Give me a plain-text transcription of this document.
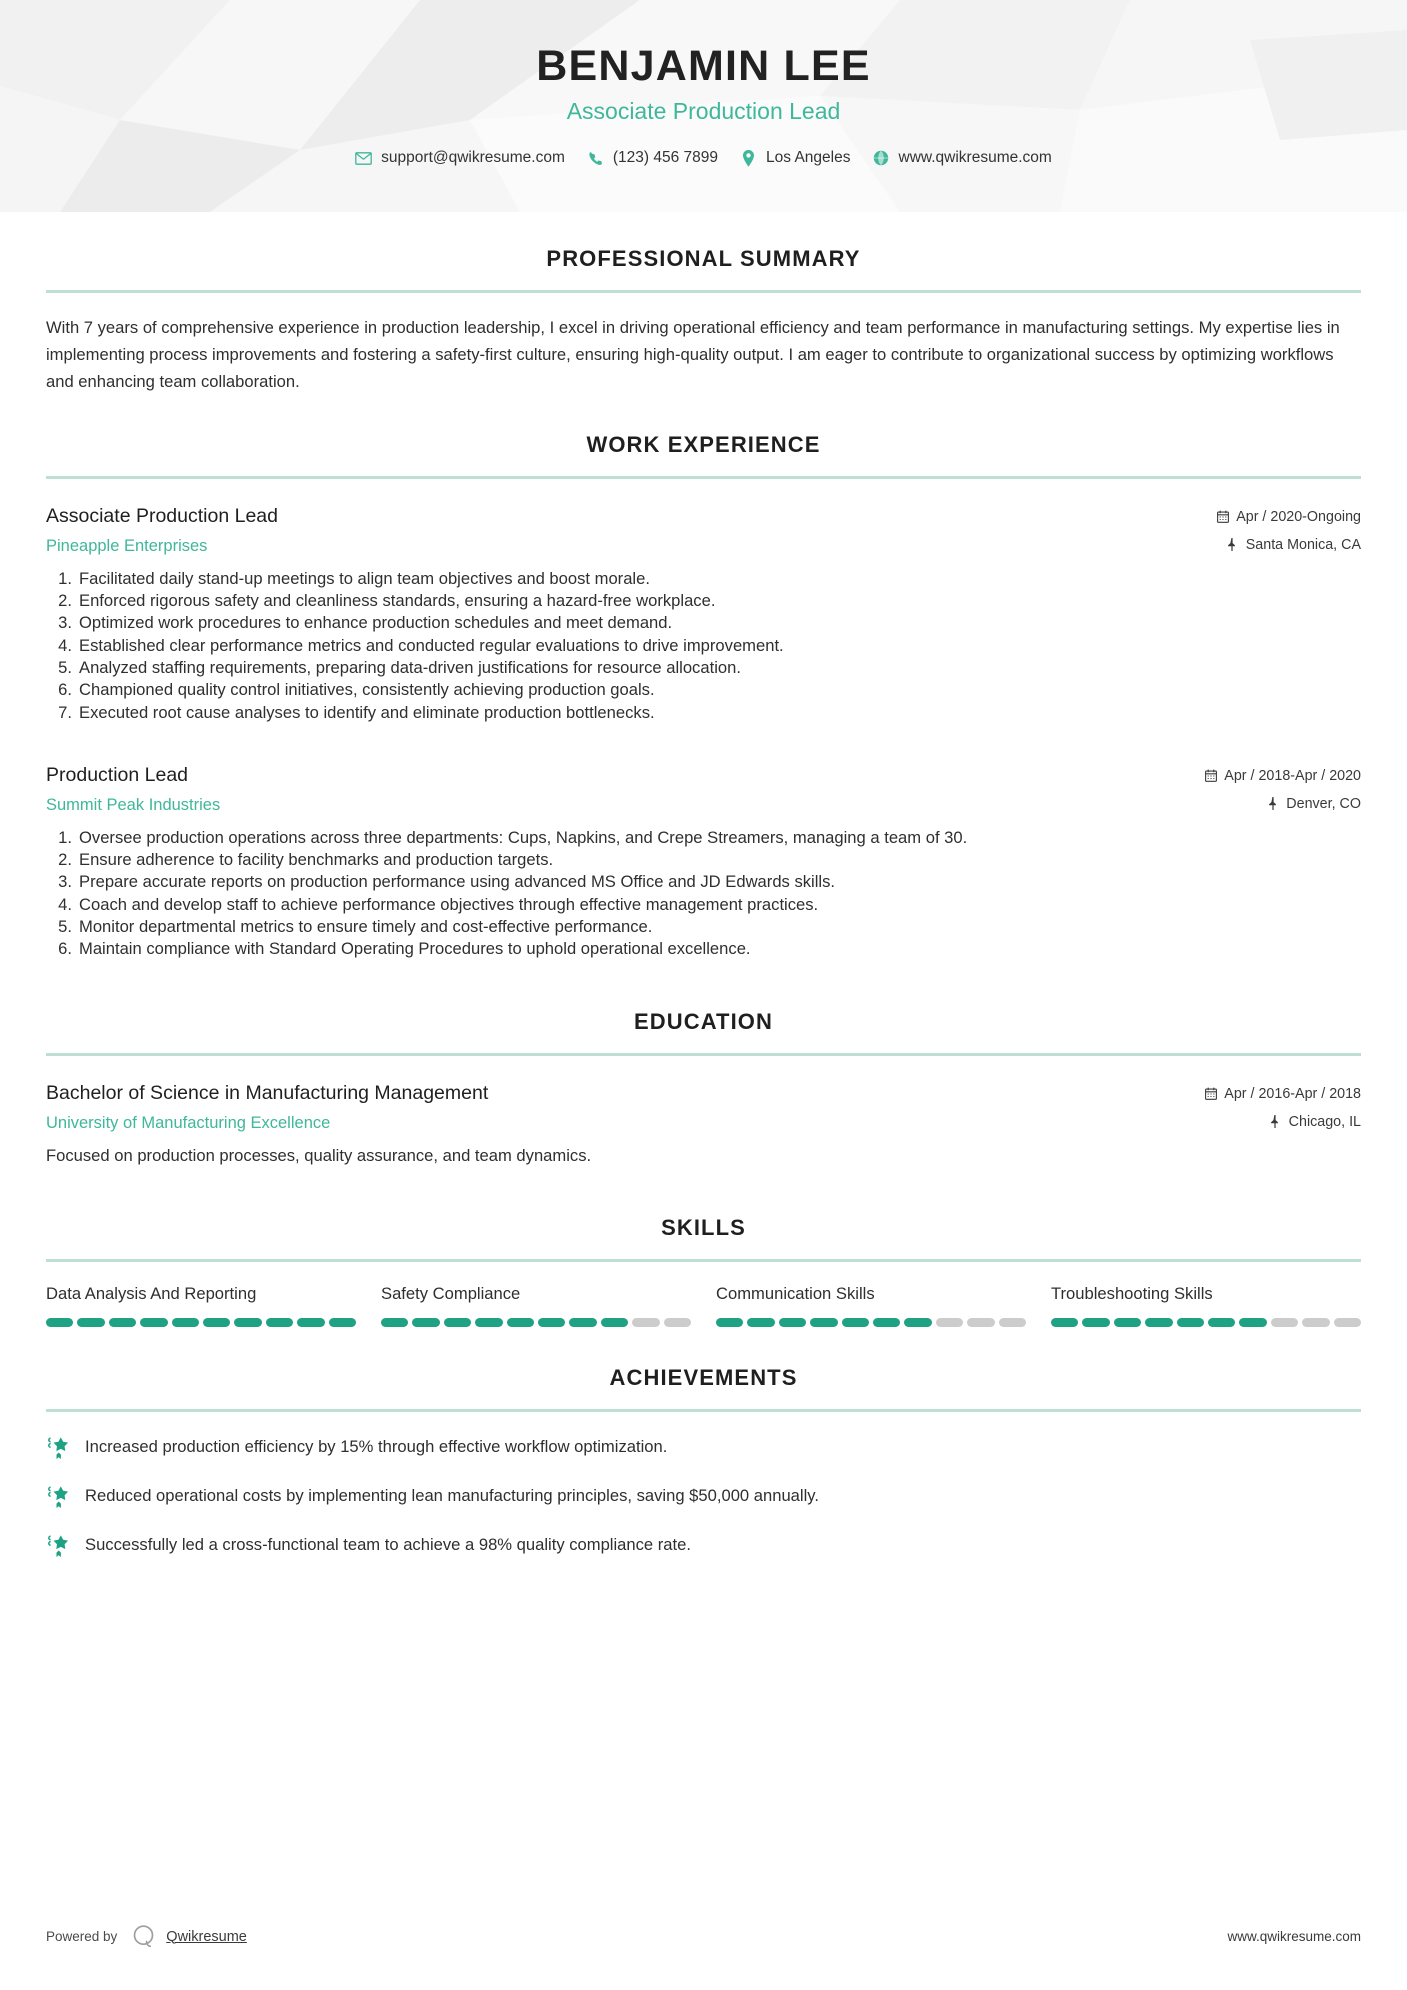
BENJAMIN LEE
Associate Production Lead
support@qwikresume.com	(123) 456 7899	Los Angeles	www.qwikresume.com
PROFESSIONAL SUMMARY

With 7 years of comprehensive experience in production leadership, I excel in driving operational efficiency and team performance in manufacturing settings. My expertise lies in implementing process improvements and fostering a safety-first culture, ensuring high-quality output. I am eager to contribute to organizational success by optimizing workflows and enhancing team collaboration.

WORK EXPERIENCE
Associate Production Lead
Pineapple Enterprises
Apr / 2020-Ongoing
Santa Monica, CA
1. Facilitated daily stand-up meetings to align team objectives and boost morale.
2. Enforced rigorous safety and cleanliness standards, ensuring a hazard-free workplace.
3. Optimized work procedures to enhance production schedules and meet demand.
4. Established clear performance metrics and conducted regular evaluations to drive improvement.
5. Analyzed staffing requirements, preparing data-driven justifications for resource allocation.
6. Championed quality control initiatives, consistently achieving production goals.
7. Executed root cause analyses to identify and eliminate production bottlenecks.
Production Lead
Summit Peak Industries
Apr / 2018-Apr / 2020
Denver, CO
1. Oversee production operations across three departments: Cups, Napkins, and Crepe Streamers, managing a team of 30.
2. Ensure adherence to facility benchmarks and production targets.
3. Prepare accurate reports on production performance using advanced MS Office and JD Edwards skills.
4. Coach and develop staff to achieve performance objectives through effective management practices.
5. Monitor departmental metrics to ensure timely and cost-effective performance.
6. Maintain compliance with Standard Operating Procedures to uphold operational excellence.
EDUCATION
Bachelor of Science in Manufacturing Management
University of Manufacturing Excellence
Apr / 2016-Apr / 2018
Chicago, IL
Focused on production processes, quality assurance, and team dynamics.
SKILLS
Data Analysis And Reporting	Safety Compliance	Communication Skills	Troubleshooting Skills
ACHIEVEMENTS
Increased production efficiency by 15% through effective workflow optimization.
Reduced operational costs by implementing lean manufacturing principles, saving $50,000 annually.
Successfully led a cross-functional team to achieve a 98% quality compliance rate.
Powered by	Qwikresume	www.qwikresume.com
